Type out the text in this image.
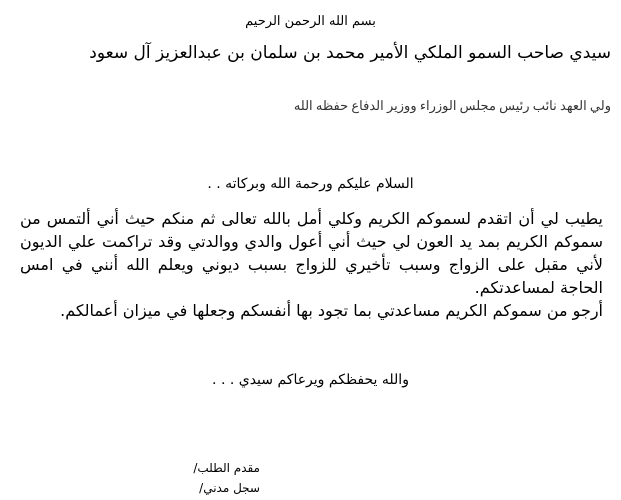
بسم الله الرحمن الرحيم
سيدي صاحب السمو الملكي الأمير محمد بن سلمان بن عبدالعزيز آل سعود
ولي العهد نائب رئيس مجلس الوزراء ووزير الدفاع حفظه الله
السلام عليكم ورحمة الله وبركاته . .

يطيب لي أن اتقدم لسموكم الكريم وكلي أمل بالله تعالى ثم منكم حيث أني ألتمس من سموكم الكريم بمد يد العون لي حيث أني أعول والدي ووالدتي وقد تراكمت علي الديون لأني مقبل على الزواج وسبب تأخيري للزواج بسبب ديوني ويعلم الله أنني في امس الحاجة لمساعدتكم.

أرجو من سموكم الكريم مساعدتي بما تجود بها أنفسكم وجعلها في ميزان أعمالكم.

والله يحفظكم ويرعاكم سيدي . . .
مقدم الطلب/
سجل مدني/
